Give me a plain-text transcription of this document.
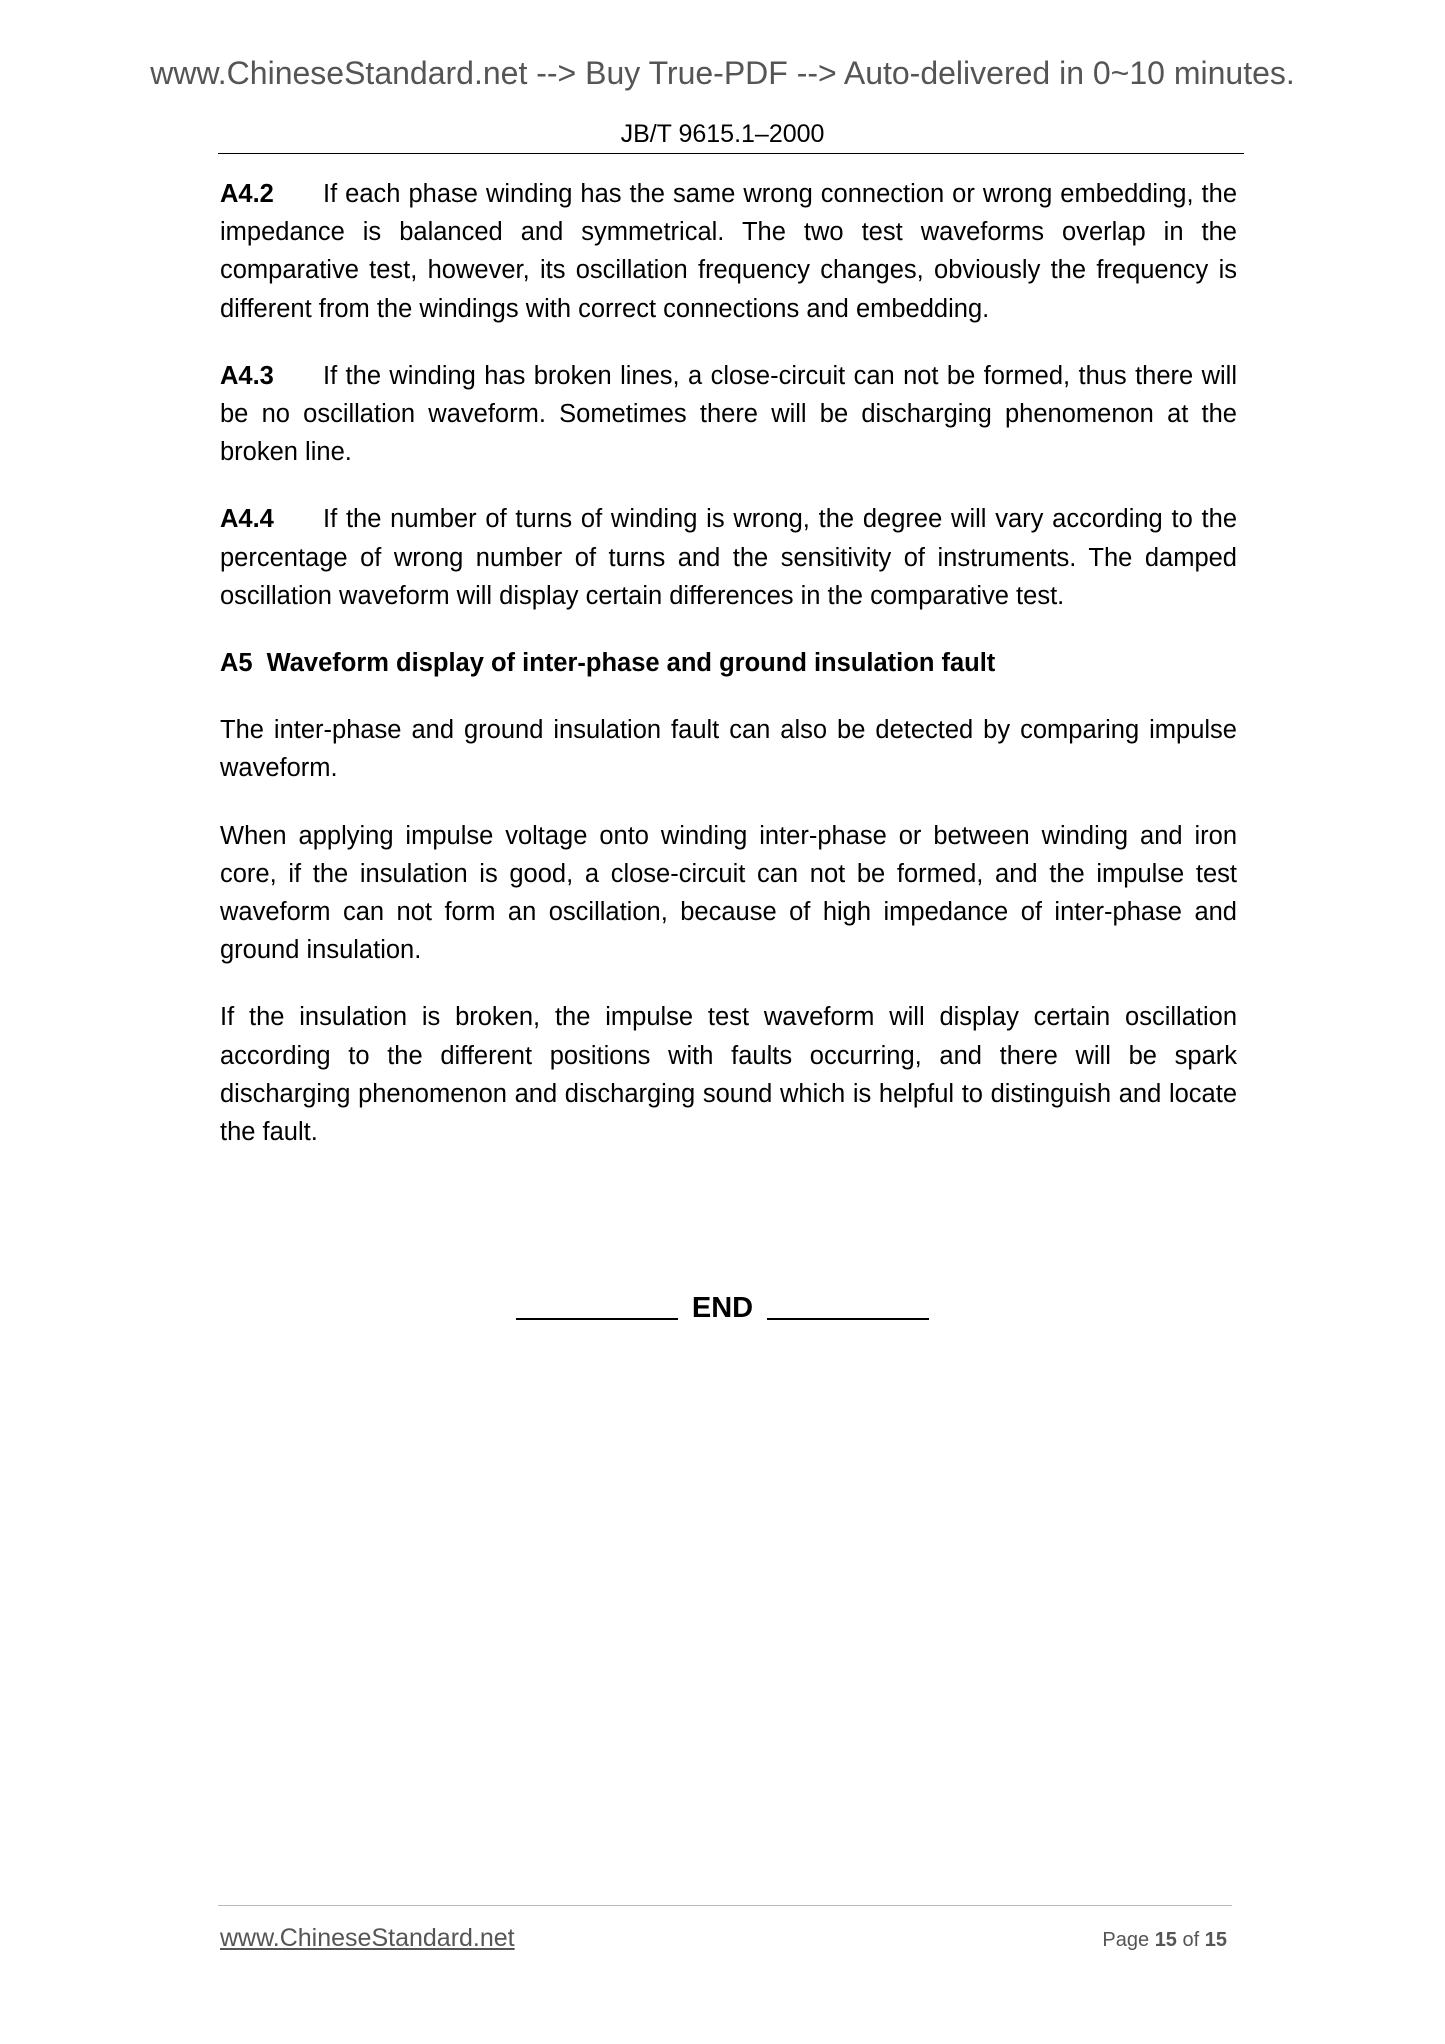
www.ChineseStandard.net --> Buy True-PDF --> Auto-delivered in 0~10 minutes.
JB/T 9615.1–2000

A4.2 If each phase winding has the same wrong connection or wrong embedding, the impedance is balanced and symmetrical. The two test waveforms overlap in the comparative test, however, its oscillation frequency changes, obviously the frequency is different from the windings with correct connections and embedding.

A4.3 If the winding has broken lines, a close-circuit can not be formed, thus there will be no oscillation waveform. Sometimes there will be discharging phenomenon at the broken line.

A4.4 If the number of turns of winding is wrong, the degree will vary according to the percentage of wrong number of turns and the sensitivity of instruments. The damped oscillation waveform will display certain differences in the comparative test.

A5 Waveform display of inter-phase and ground insulation fault

The inter-phase and ground insulation fault can also be detected by comparing impulse waveform.

When applying impulse voltage onto winding inter-phase or between winding and iron core, if the insulation is good, a close-circuit can not be formed, and the impulse test waveform can not form an oscillation, because of high impedance of inter-phase and ground insulation.

If the insulation is broken, the impulse test waveform will display certain oscillation according to the different positions with faults occurring, and there will be spark discharging phenomenon and discharging sound which is helpful to distinguish and locate the fault.

END
www.ChineseStandard.net	Page 15 of 15
